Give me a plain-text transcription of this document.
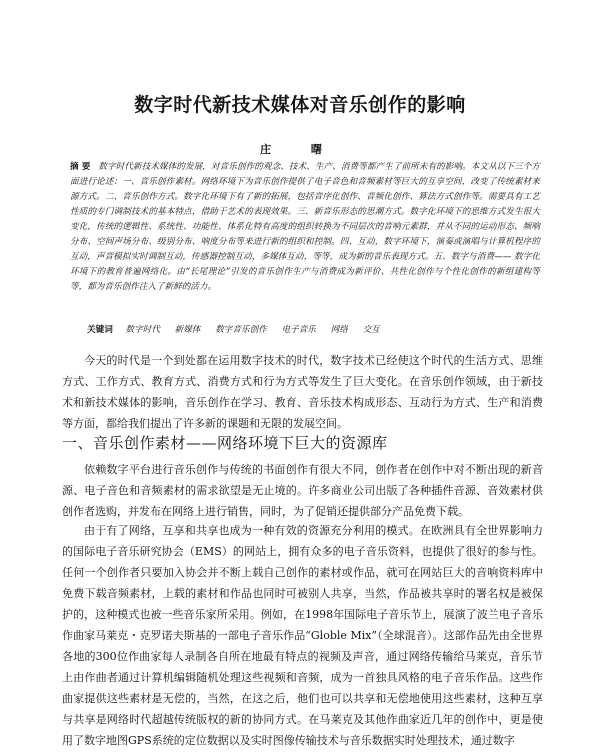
数字时代新技术媒体对音乐创作的影响
庄 曙
摘 要 数字时代新技术媒体的发展，对音乐创作的观念、技术、生产、消费等都产生了前所未有的影响。本文从以下三个方面进行论述：一、音乐创作素材。网络环境下为音乐创作提供了电子音色和音频素材等巨大的互享空间，改变了传统素材来源方式。二、音乐创作方式。数字化环境下有了新的拓展，包括音序化创作、音频化创作、算法方式创作等。需要具有工艺性质的专门调制技术的基本特点，借助于艺术的表现效果。三、新音乐形态的思潮方式。数字化环境下的思维方式发生很大变化，传统的逻辑性、系统性、功能性、体系化特有高度的组织转换为不同层次的音响元素群，并从不同的运动形态、频响分布、空间声场分布、级别分布、响度分布等来进行新的组织和控制。四、互动，数字环境下，演奏或演唱与计算机程序的互动，声音模拟实时调制互动，传感器控制互动，多媒体互动，等等，成为新的音乐表现方式。五、数字与消费—— 数字化环境下的教育普遍网络化。由“长尾理论”引发的音乐创作生产与消费成为新评价、共性化创作与个性化创作的新组建构等等，都为音乐创作注入了新鲜的活力。
关键词 数字时代 新媒体 数字音乐创作 电子音乐 网络 交互

今天的时代是一个到处都在运用数字技术的时代，数字技术已经使这个时代的生活方式、思维方式、工作方式、教育方式、消费方式和行为方式等发生了巨大变化。在音乐创作领域，由于新技术和新技术媒体的影响，音乐创作在学习、教育、音乐技术构成形态、互动行为方式、生产和消费等方面，都给我们提出了许多新的课题和无限的发展空间。

一、音乐创作素材——网络环境下巨大的资源库

依赖数字平台进行音乐创作与传统的书面创作有很大不同，创作者在创作中对不断出现的新音源、电子音色和音频素材的需求欲望是无止境的。许多商业公司出版了各种插件音源、音效素材供创作者选购，并发布在网络上进行销售，同时，为了促销还提供部分产品免费下载。

由于有了网络，互享和共享也成为一种有效的资源充分利用的模式。在欧洲具有全世界影响力的国际电子音乐研究协会（EMS）的网站上，拥有众多的电子音乐资料，也提供了很好的参与性。任何一个创作者只要加入协会并不断上载自己创作的素材或作品，就可在网站巨大的音响资料库中免费下载音频素材，上载的素材和作品也同时可被别人共享，当然，作品被共享时的署名权是被保护的，这种模式也被一些音乐家所采用。例如，在1998年国际电子音乐节上，展演了波兰电子音乐作曲家马莱克・克罗诺夫斯基的一部电子音乐作品“Globle Mix”（全球混音）。这部作品先由全世界各地的300位作曲家每人录制各自所在地最有特点的视频及声音，通过网络传输给马莱克，音乐节上由作曲者通过计算机编辑随机处理这些视频和音频，成为一首独具风格的电子音乐作品。这些作曲家提供这些素材是无偿的，当然，在这之后，他们也可以共享和无偿地使用这些素材，这种互享与共享是网络时代超越传统版权的新的协同方式。在马莱克及其他作曲家近几年的创作中，更是使用了数字地图GPS系统的定位数据以及实时图像传输技术与音乐数据实时处理技术，通过数字
